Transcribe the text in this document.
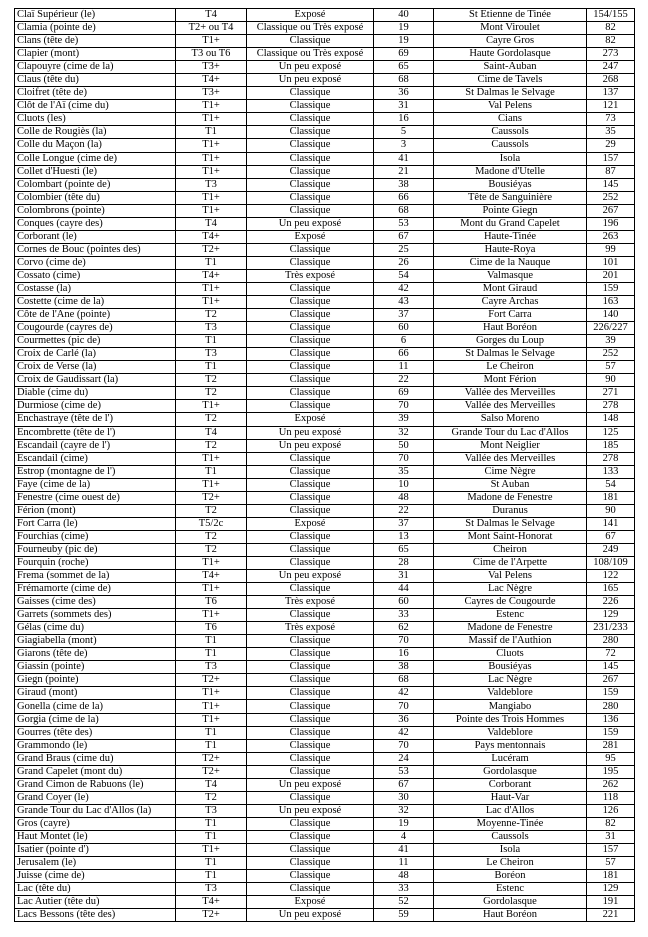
Claï Supérieur (le)	T4	Exposé	40	St Etienne de Tinée	154/155
Clamia (pointe de)	T2+ ou T4	Classique ou Très exposé	19	Mont Viroulet	82
Clans (tête de)	T1+	Classique	19	Cayre Gros	82
Clapier (mont)	T3 ou T6	Classique ou Très exposé	69	Haute Gordolasque	273
Clapouyre (cime de la)	T3+	Un peu exposé	65	Saint-Auban	247
Claus (tête du)	T4+	Un peu exposé	68	Cime de Tavels	268
Cloifret (tête de)	T3+	Classique	36	St Dalmas le Selvage	137
Clôt de l'Aï (cime du)	T1+	Classique	31	Val Pelens	121
Cluots (les)	T1+	Classique	16	Cians	73
Colle de Rougiès (la)	T1	Classique	5	Caussols	35
Colle du Maçon (la)	T1+	Classique	3	Caussols	29
Colle Longue (cime de)	T1+	Classique	41	Isola	157
Collet d'Huesti (le)	T1+	Classique	21	Madone d'Utelle	87
Colombart (pointe de)	T3	Classique	38	Bousiéyas	145
Colombier (tête du)	T1+	Classique	66	Tête de Sanguinière	252
Colombrons (pointe)	T1+	Classique	68	Pointe Giegn	267
Conques (cayre des)	T4	Un peu exposé	53	Mont du Grand Capelet	196
Corborant (le)	T4+	Exposé	67	Haute-Tinée	263
Cornes de Bouc (pointes des)	T2+	Classique	25	Haute-Roya	99
Corvo (cime de)	T1	Classique	26	Cime de la Nauque	101
Cossato (cime)	T4+	Très exposé	54	Valmasque	201
Costasse (la)	T1+	Classique	42	Mont Giraud	159
Costette (cime de la)	T1+	Classique	43	Cayre Archas	163
Côte de l'Ane (pointe)	T2	Classique	37	Fort Carra	140
Cougourde (cayres de)	T3	Classique	60	Haut Boréon	226/227
Courmettes (pic de)	T1	Classique	6	Gorges du Loup	39
Croix de Carlé (la)	T3	Classique	66	St Dalmas le Selvage	252
Croix de Verse (la)	T1	Classique	11	Le Cheiron	57
Croix de Gaudissart (la)	T2	Classique	22	Mont Férion	90
Diable (cime du)	T2	Classique	69	Vallée des Merveilles	271
Durmiose (cime de)	T1+	Classique	70	Vallée des Merveilles	278
Enchastraye (tête de l')	T2	Exposé	39	Salso Moreno	148
Encombrette (tête de l')	T4	Un peu exposé	32	Grande Tour du Lac d'Allos	125
Escandail (cayre de l')	T2	Un peu exposé	50	Mont Neiglier	185
Escandail (cime)	T1+	Classique	70	Vallée des Merveilles	278
Estrop (montagne de l')	T1	Classique	35	Cime Nègre	133
Faye (cime de la)	T1+	Classique	10	St Auban	54
Fenestre (cime ouest de)	T2+	Classique	48	Madone de Fenestre	181
Férion (mont)	T2	Classique	22	Duranus	90
Fort Carra (le)	T5/2c	Exposé	37	St Dalmas le Selvage	141
Fourchias (cime)	T2	Classique	13	Mont Saint-Honorat	67
Fourneuby (pic de)	T2	Classique	65	Cheiron	249
Fourquin (roche)	T1+	Classique	28	Cime de l'Arpette	108/109
Frema (sommet de la)	T4+	Un peu exposé	31	Val Pelens	122
Frémamorte (cime de)	T1+	Classique	44	Lac Nègre	165
Gaisses (cime des)	T6	Très exposé	60	Cayres de Cougourde	226
Garrets (sommets des)	T1+	Classique	33	Estenc	129
Gélas (cime du)	T6	Très exposé	62	Madone de Fenestre	231/233
Giagiabella (mont)	T1	Classique	70	Massif de l'Authion	280
Giarons (tête de)	T1	Classique	16	Cluots	72
Giassin (pointe)	T3	Classique	38	Bousiéyas	145
Giegn (pointe)	T2+	Classique	68	Lac Nègre	267
Giraud (mont)	T1+	Classique	42	Valdeblore	159
Gonella (cime de la)	T1+	Classique	70	Mangiabo	280
Gorgia (cime de la)	T1+	Classique	36	Pointe des Trois Hommes	136
Gourres (tête des)	T1	Classique	42	Valdeblore	159
Grammondo (le)	T1	Classique	70	Pays mentonnais	281
Grand Braus (cime du)	T2+	Classique	24	Lucéram	95
Grand Capelet (mont du)	T2+	Classique	53	Gordolasque	195
Grand Cimon de Rabuons (le)	T4	Un peu exposé	67	Corborant	262
Grand Coyer (le)	T2	Classique	30	Haut-Var	118
Grande Tour du Lac d'Allos (la)	T3	Un peu exposé	32	Lac d'Allos	126
Gros (cayre)	T1	Classique	19	Moyenne-Tinée	82
Haut Montet (le)	T1	Classique	4	Caussols	31
Isatier (pointe d')	T1+	Classique	41	Isola	157
Jerusalem (le)	T1	Classique	11	Le Cheiron	57
Juisse (cime de)	T1	Classique	48	Boréon	181
Lac (tête du)	T3	Classique	33	Estenc	129
Lac Autier (tête du)	T4+	Exposé	52	Gordolasque	191
Lacs Bessons (tête des)	T2+	Un peu exposé	59	Haut Boréon	221
